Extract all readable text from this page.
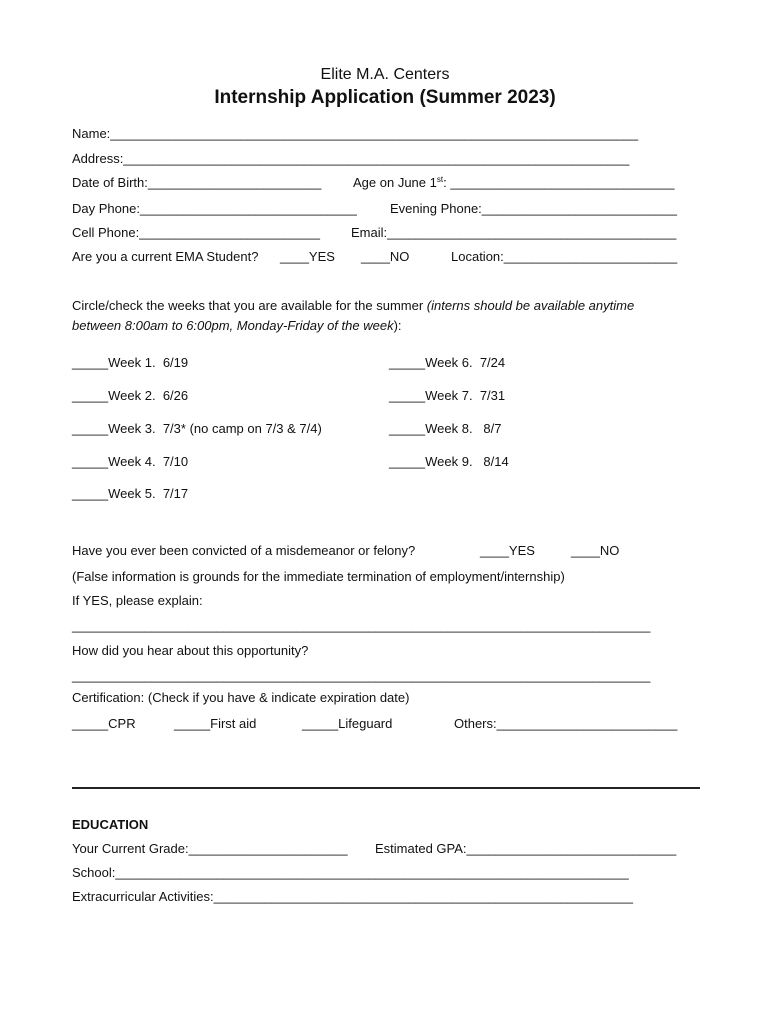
Elite M.A. Centers
Internship Application (Summer 2023)
Name:_________________________________________________________________________
Address:______________________________________________________________________
Date of Birth:________________________ Age on June 1st: _______________________________
Day Phone:______________________________	Evening Phone:___________________________
Cell Phone:_________________________ Email:________________________________________
Are you a current EMA Student? ____YES ____NO	Location:________________________
Circle/check the weeks that you are available for the summer (interns should be available anytime
between 8:00am to 6:00pm, Monday-Friday of the week):
_____Week 1.  6/19
_____Week 2.  6/26
_____Week 3.  7/3* (no camp on 7/3 & 7/4)
_____Week 4.  7/10
_____Week 5.  7/17
_____Week 6.  7/24
_____Week 7.  7/31
_____Week 8.   8/7
_____Week 9.   8/14
Have you ever been convicted of a misdemeanor or felony?	____YES	____NO
(False information is grounds for the immediate termination of employment/internship)
If YES, please explain:
________________________________________________________________________________
How did you hear about this opportunity?
________________________________________________________________________________
Certification: (Check if you have & indicate expiration date)
_____CPR	_____First aid	_____Lifeguard	Others:_________________________
EDUCATION
Your Current Grade:______________________ Estimated GPA:_____________________________
School:_______________________________________________________________________
Extracurricular Activities:__________________________________________________________
